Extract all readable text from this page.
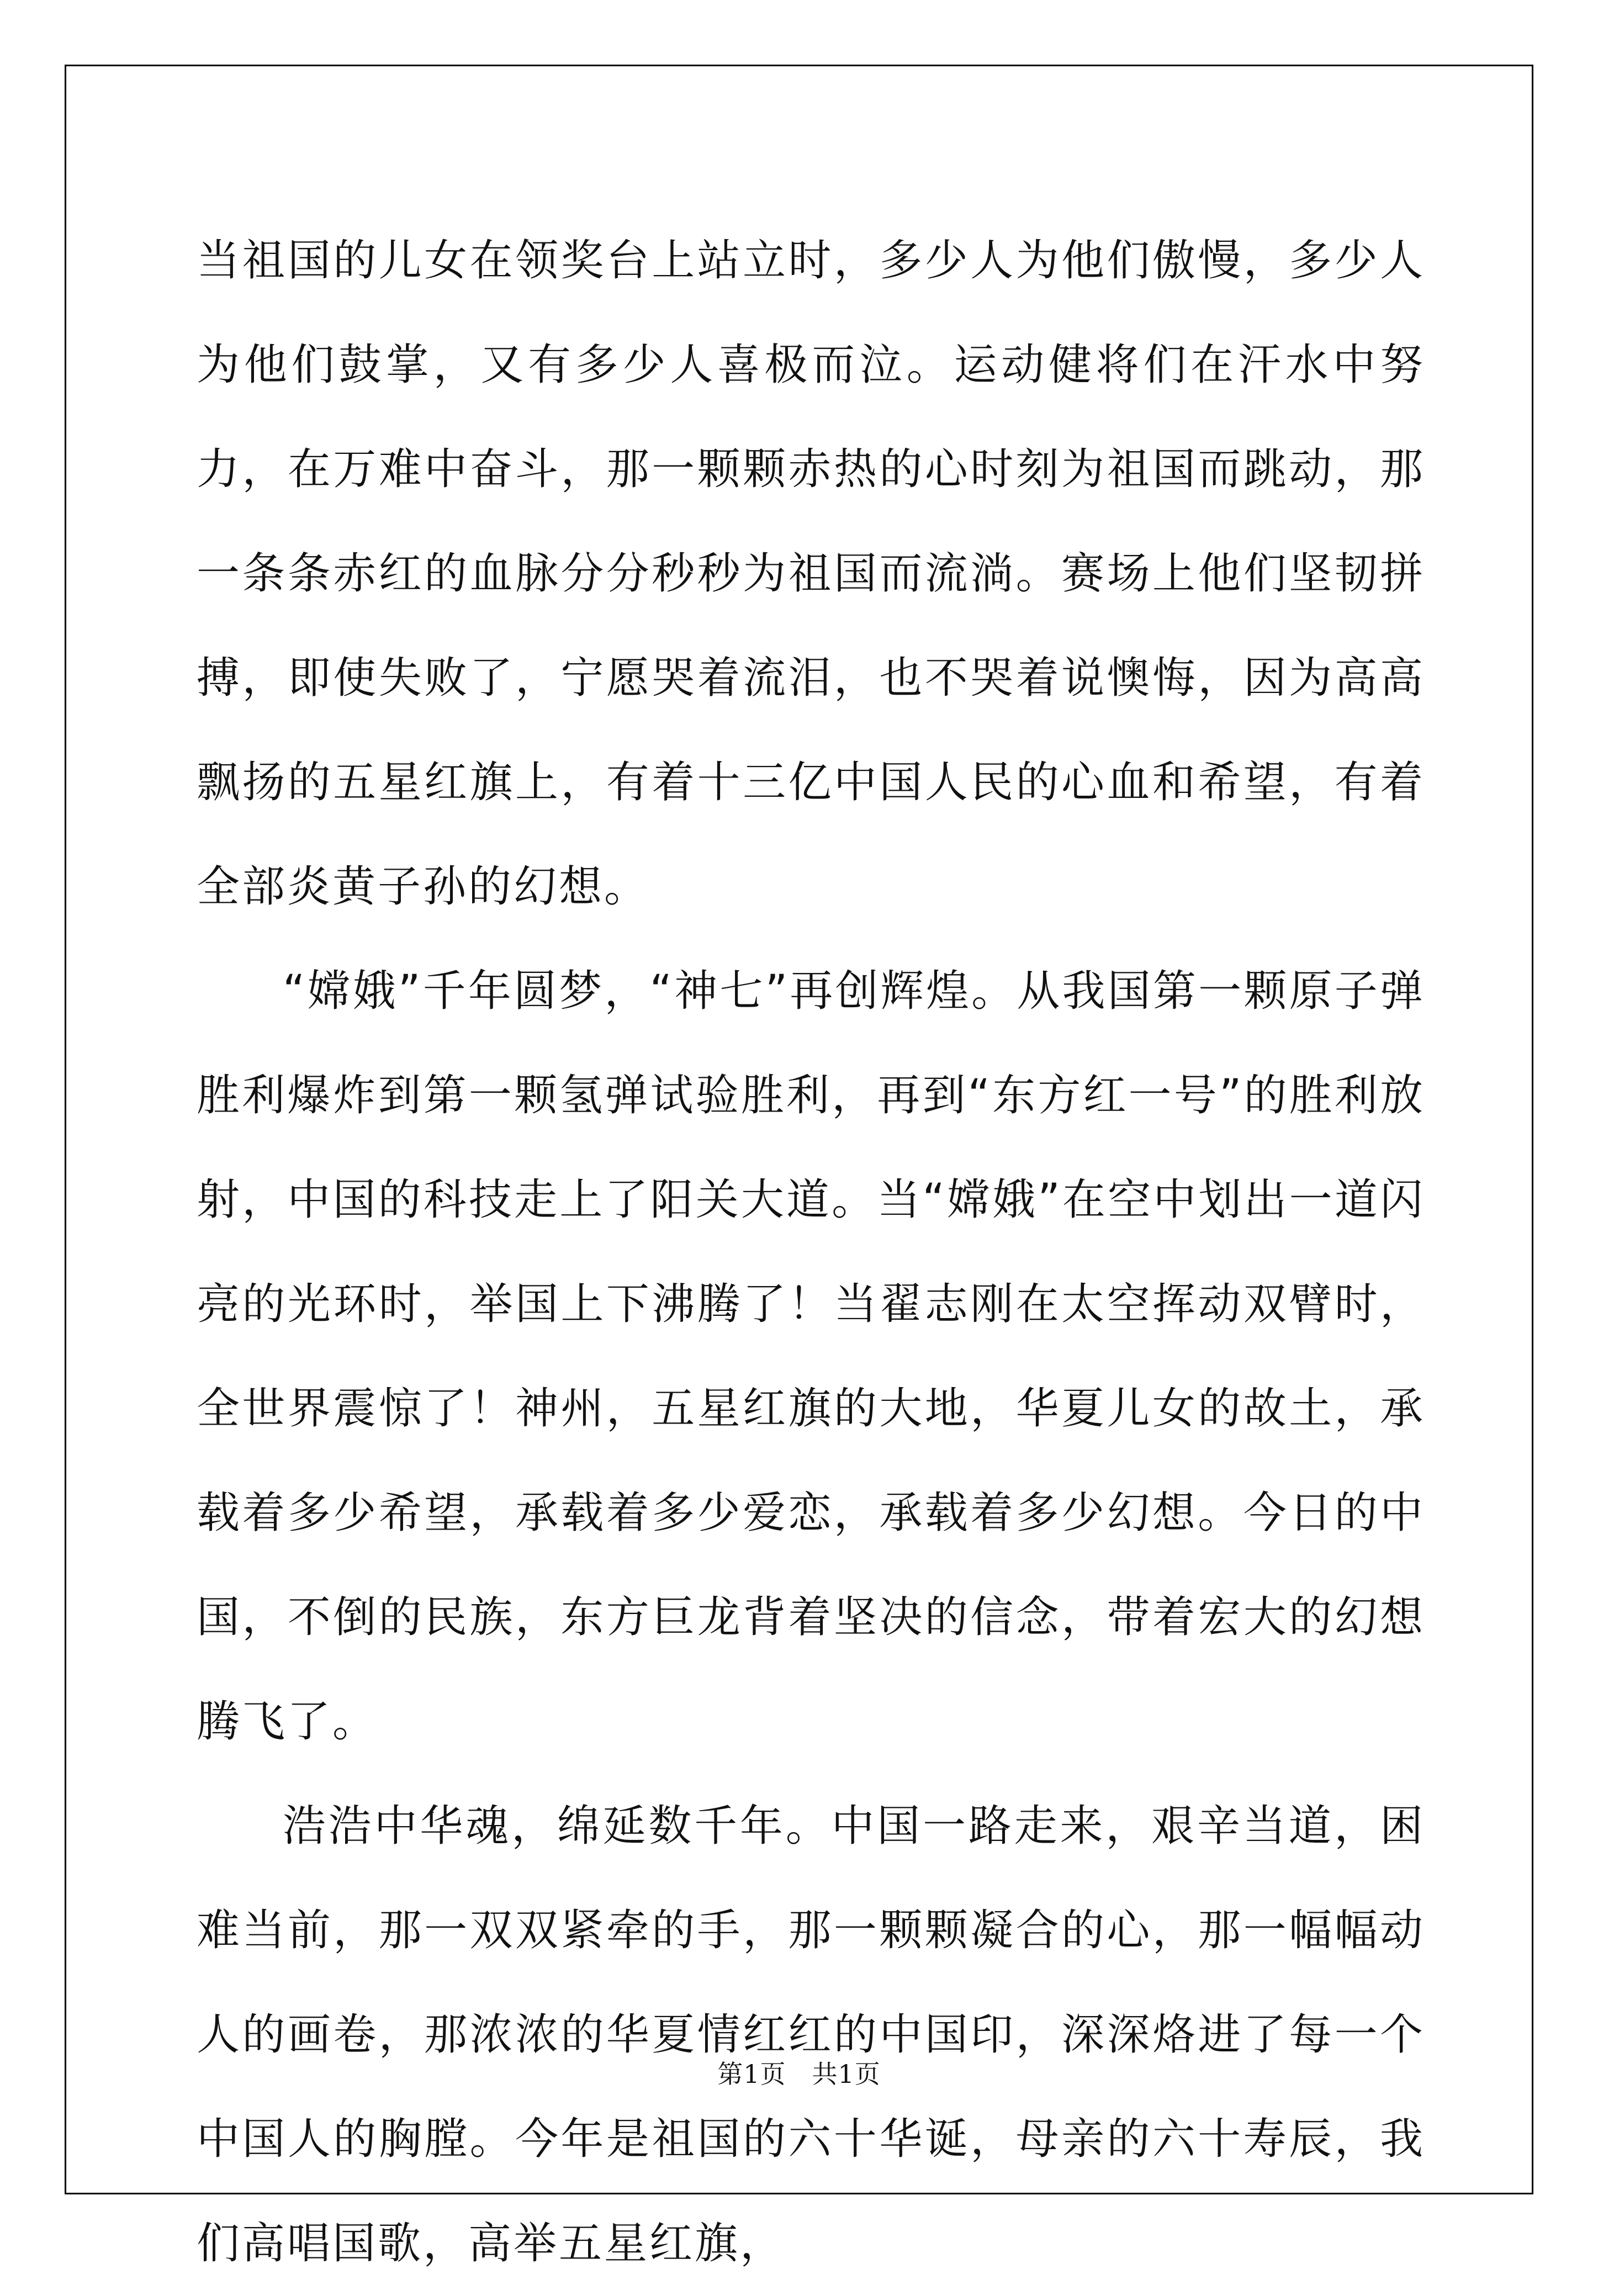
当祖国的儿女在领奖台上站立时，多少人为他们傲慢，多少人为他们鼓掌，又有多少人喜极而泣。运动健将们在汗水中努力，在万难中奋斗，那一颗颗赤热的心时刻为祖国而跳动，那一条条赤红的血脉分分秒秒为祖国而流淌。赛场上他们坚韧拼搏，即使失败了，宁愿哭着流泪，也不哭着说懊悔，因为高高飘扬的五星红旗上，有着十三亿中国人民的心血和希望，有着全部炎黄子孙的幻想。

“嫦娥”千年圆梦，“神七”再创辉煌。从我国第一颗原子弹胜利爆炸到第一颗氢弹试验胜利，再到“东方红一号”的胜利放射，中国的科技走上了阳关大道。当“嫦娥”在空中划出一道闪亮的光环时，举国上下沸腾了！当翟志刚在太空挥动双臂时，全世界震惊了！神州，五星红旗的大地，华夏儿女的故土，承载着多少希望，承载着多少爱恋，承载着多少幻想。今日的中国，不倒的民族，东方巨龙背着坚决的信念，带着宏大的幻想腾飞了。

浩浩中华魂，绵延数千年。中国一路走来，艰辛当道，困难当前，那一双双紧牵的手，那一颗颗凝合的心，那一幅幅动人的画卷，那浓浓的华夏情红红的中国印，深深烙进了每一个中国人的胸膛。今年是祖国的六十华诞，母亲的六十寿辰，我们高唱国歌，高举五星红旗，

第1页　共1页
